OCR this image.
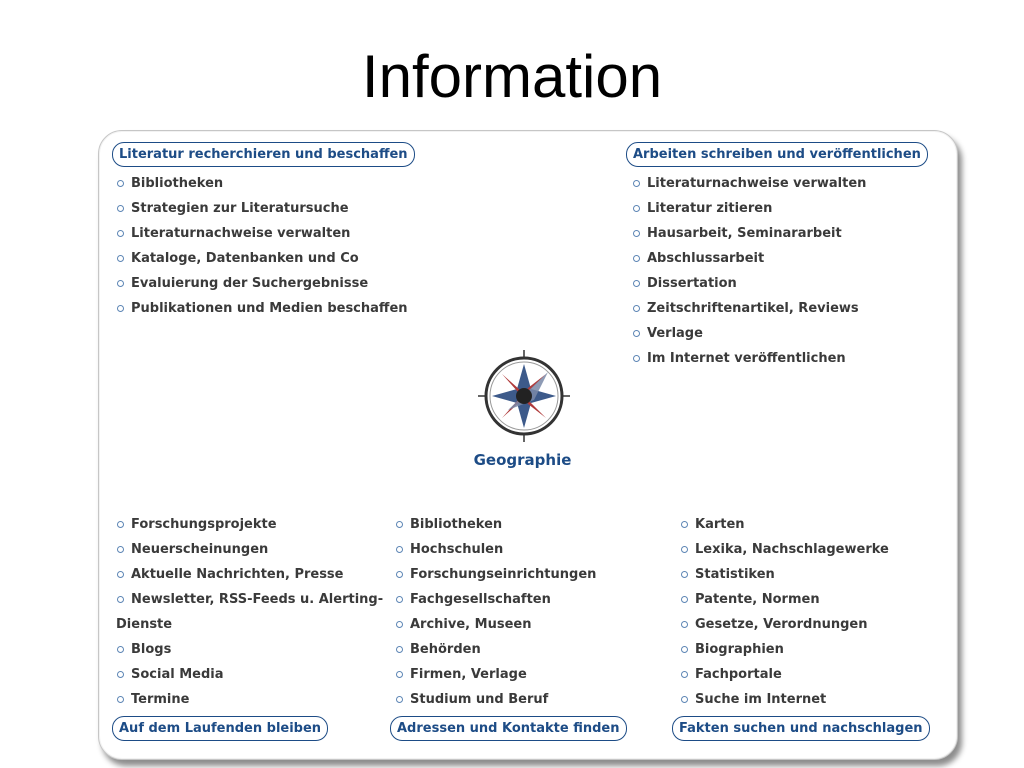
Information
Literatur recherchieren und beschaffen
Bibliotheken
Strategien zur Literatursuche
Literaturnachweise verwalten
Kataloge, Datenbanken und Co
Evaluierung der Suchergebnisse
Publikationen und Medien beschaffen
Arbeiten schreiben und veröffentlichen
Literaturnachweise verwalten
Literatur zitieren
Hausarbeit, Seminararbeit
Abschlussarbeit
Dissertation
Zeitschriftenartikel, Reviews
Verlage
Im Internet veröffentlichen
Geographie
Forschungsprojekte
Neuerscheinungen
Aktuelle Nachrichten, Presse
Newsletter, RSS-Feeds u. Alerting-
Dienste
Blogs
Social Media
Termine
Auf dem Laufenden bleiben
Bibliotheken
Hochschulen
Forschungseinrichtungen
Fachgesellschaften
Archive, Museen
Behörden
Firmen, Verlage
Studium und Beruf
Adressen und Kontakte finden
Karten
Lexika, Nachschlagewerke
Statistiken
Patente, Normen
Gesetze, Verordnungen
Biographien
Fachportale
Suche im Internet
Fakten suchen und nachschlagen
